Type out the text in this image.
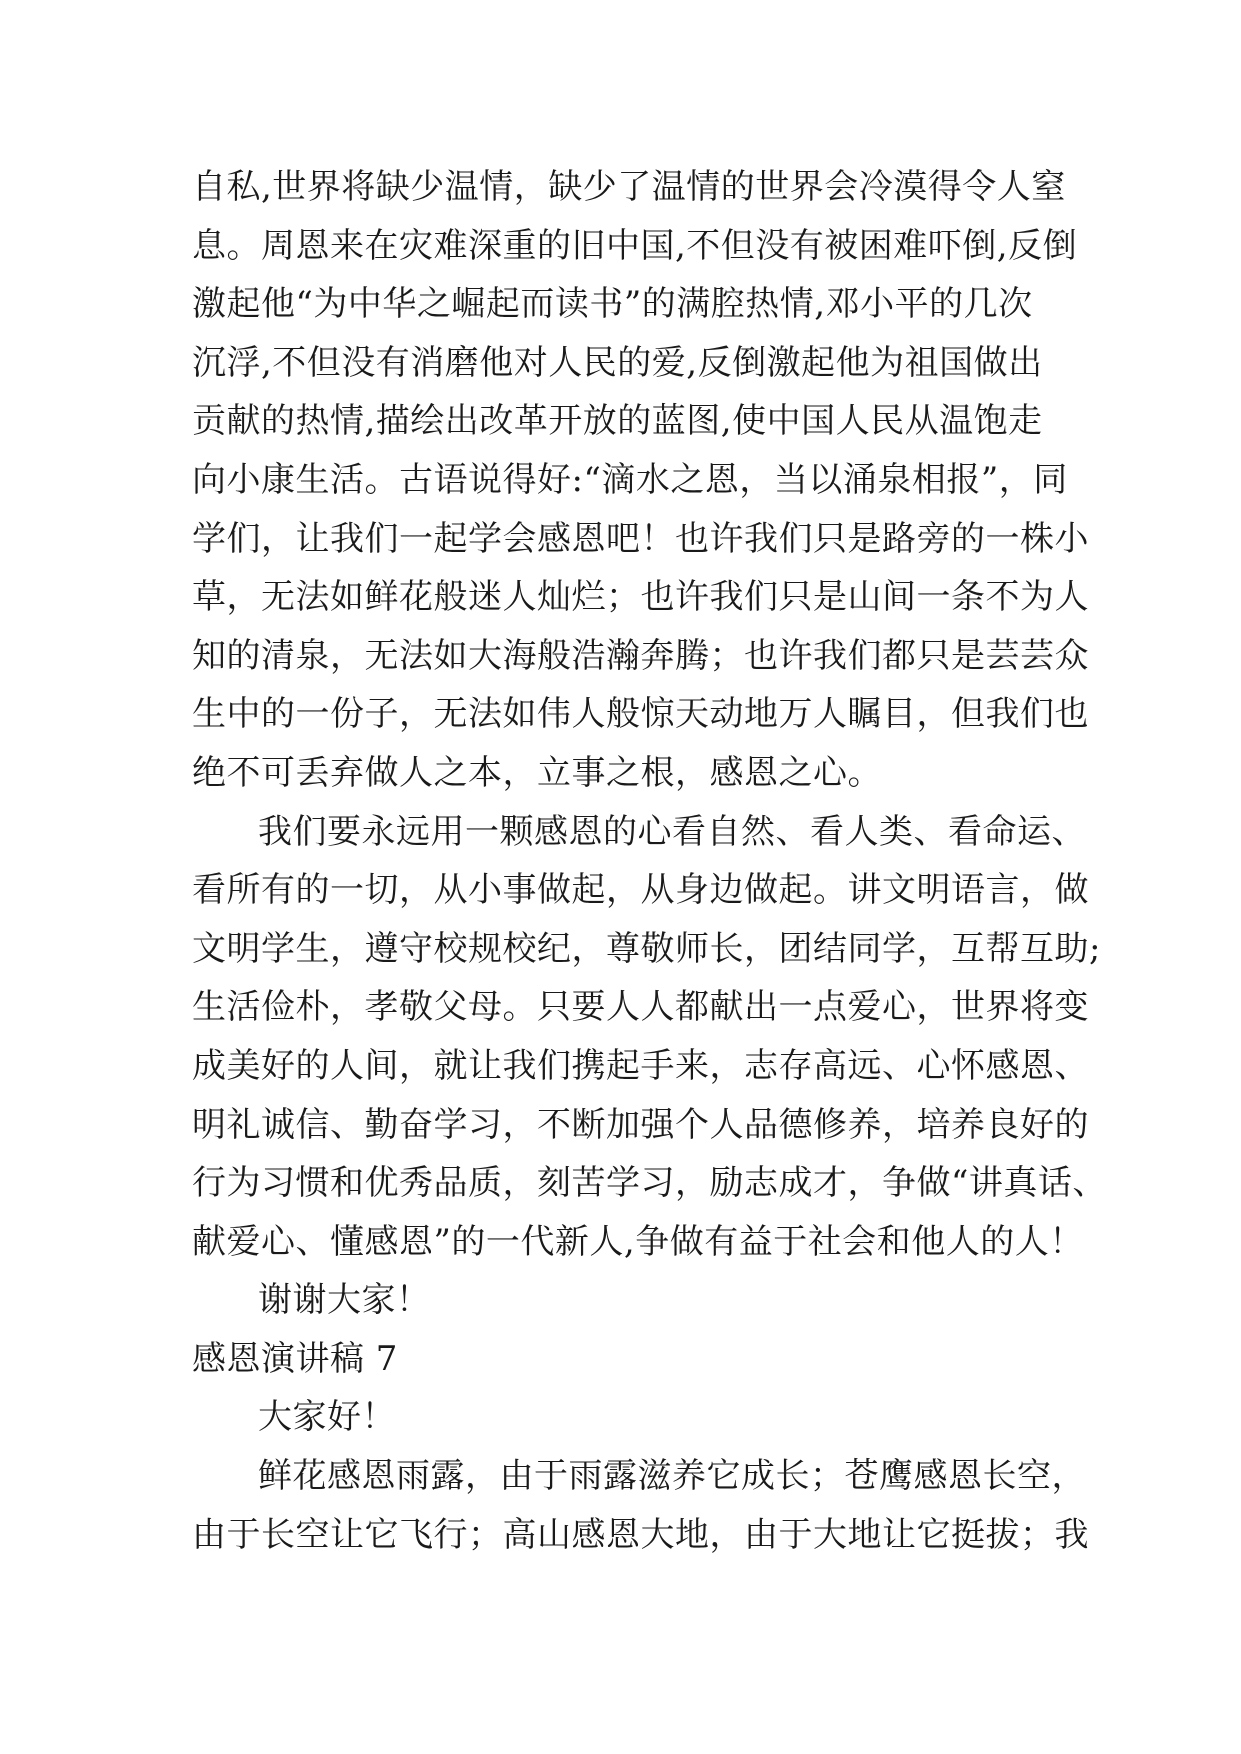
自私,世界将缺少温情，缺少了温情的世界会冷漠得令人窒
息。周恩来在灾难深重的旧中国,不但没有被困难吓倒,反倒
激起他“为中华之崛起而读书”的满腔热情,邓小平的几次
沉浮,不但没有消磨他对人民的爱,反倒激起他为祖国做出
贡献的热情,描绘出改革开放的蓝图,使中国人民从温饱走
向小康生活。古语说得好:“滴水之恩，当以涌泉相报”，同
学们，让我们一起学会感恩吧！也许我们只是路旁的一株小
草，无法如鲜花般迷人灿烂；也许我们只是山间一条不为人
知的清泉，无法如大海般浩瀚奔腾；也许我们都只是芸芸众
生中的一份子，无法如伟人般惊天动地万人瞩目，但我们也
绝不可丢弃做人之本，立事之根，感恩之心。
我们要永远用一颗感恩的心看自然、看人类、看命运、
看所有的一切，从小事做起，从身边做起。讲文明语言，做
文明学生，遵守校规校纪，尊敬师长，团结同学，互帮互助;
生活俭朴，孝敬父母。只要人人都献出一点爱心，世界将变
成美好的人间，就让我们携起手来，志存高远、心怀感恩、
明礼诚信、勤奋学习，不断加强个人品德修养，培养良好的
行为习惯和优秀品质，刻苦学习，励志成才，争做“讲真话、
献爱心、懂感恩”的一代新人,争做有益于社会和他人的人！
谢谢大家！
感恩演讲稿 7
大家好！
鲜花感恩雨露，由于雨露滋养它成长；苍鹰感恩长空，
由于长空让它飞行；高山感恩大地，由于大地让它挺拔；我
